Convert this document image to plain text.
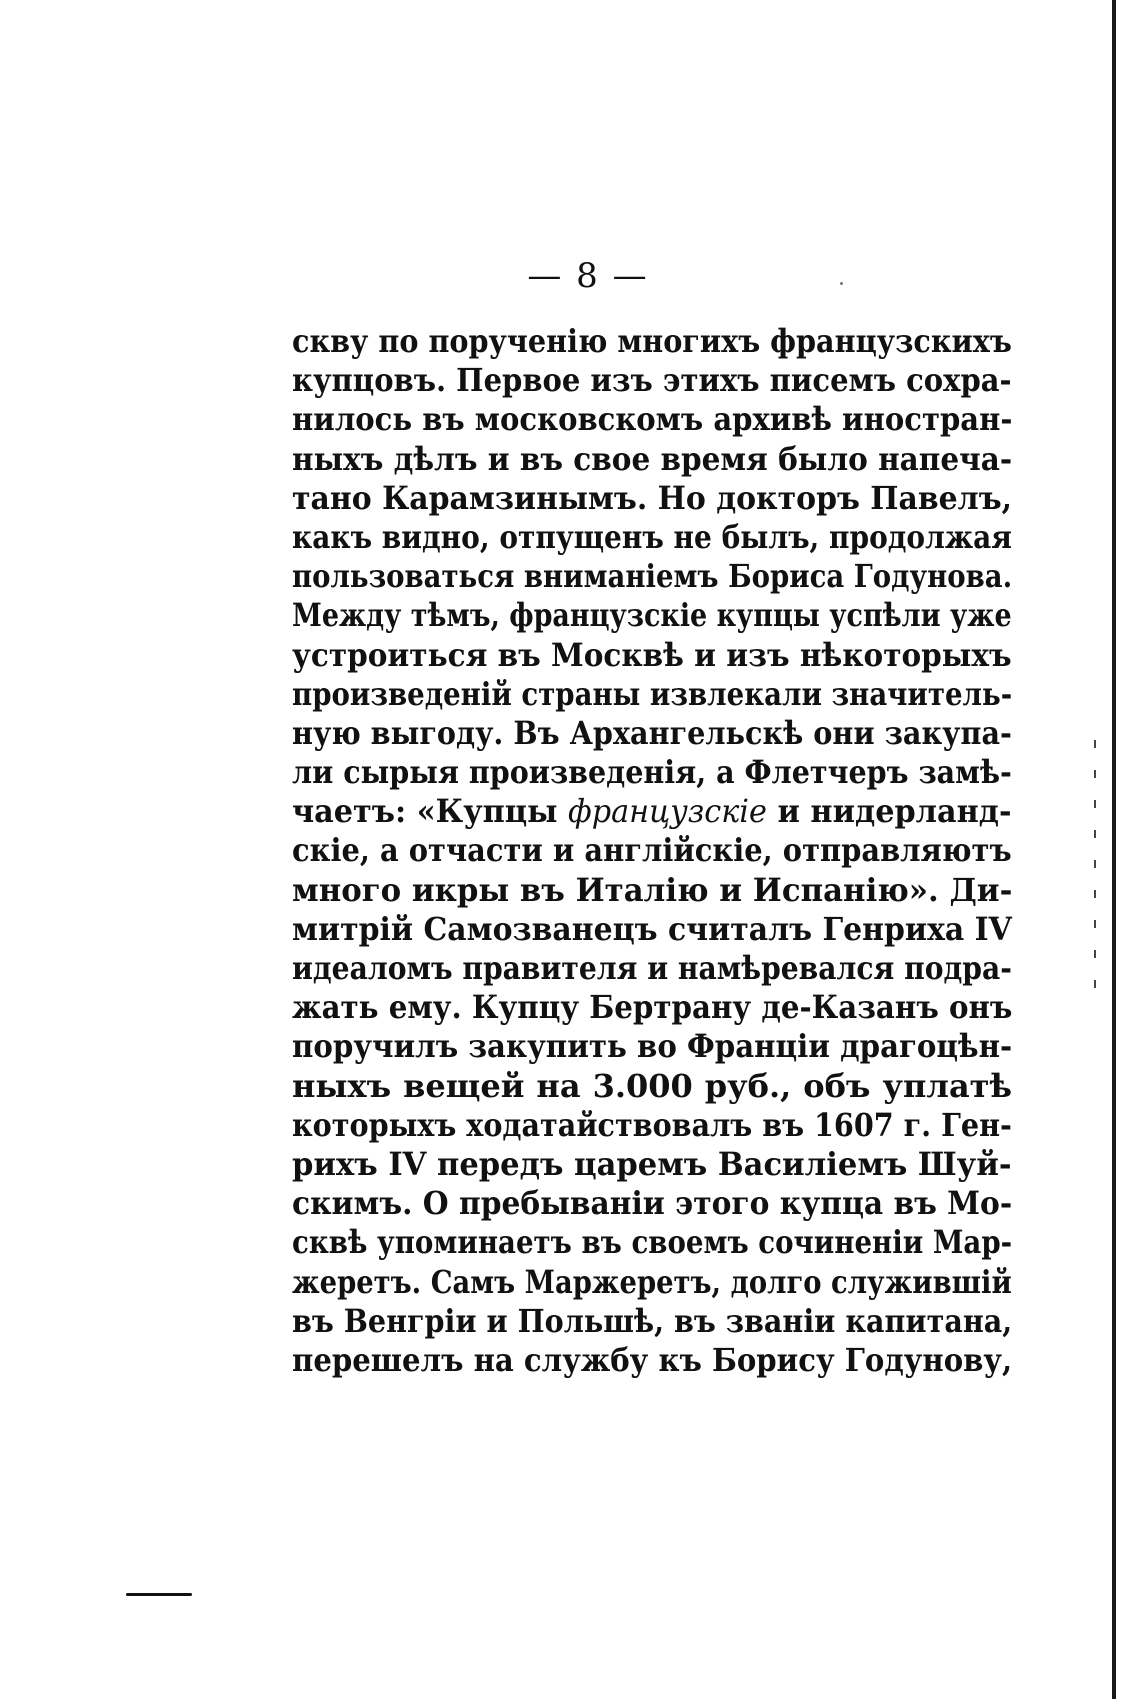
— 8 —
скву по порученію многихъ французскихъ
купцовъ. Первое изъ этихъ писемъ сохра-
нилось въ московскомъ архивѣ иностран-
ныхъ дѣлъ и въ свое время было напеча-
тано Карамзинымъ. Но докторъ Павелъ,
какъ видно, отпущенъ не былъ, продолжая
пользоваться вниманіемъ Бориса Годунова.
Между тѣмъ, французскіе купцы успѣли уже
устроиться въ Москвѣ и изъ нѣкоторыхъ
произведеній страны извлекали значитель-
ную выгоду. Въ Архангельскѣ они закупа-
ли сырыя произведенія, а Флетчеръ замѣ-
чаетъ: «Купцы французскіе и нидерланд-
скіе, а отчасти и англійскіе, отправляютъ
много икры въ Италію и Испанію». Ди-
митрій Самозванецъ считалъ Генриха IV
идеаломъ правителя и намѣревался подра-
жать ему. Купцу Бертрану де-Казанъ онъ
поручилъ закупить во Франціи драгоцѣн-
ныхъ вещей на 3.000 руб., объ уплатѣ
которыхъ ходатайствовалъ въ 1607 г. Ген-
рихъ IV передъ царемъ Василіемъ Шуй-
скимъ. О пребываніи этого купца въ Мо-
сквѣ упоминаетъ въ своемъ сочиненіи Мар-
жеретъ. Самъ Маржеретъ, долго служившій
въ Венгріи и Польшѣ, въ званіи капитана,
перешелъ на службу къ Борису Годунову,
